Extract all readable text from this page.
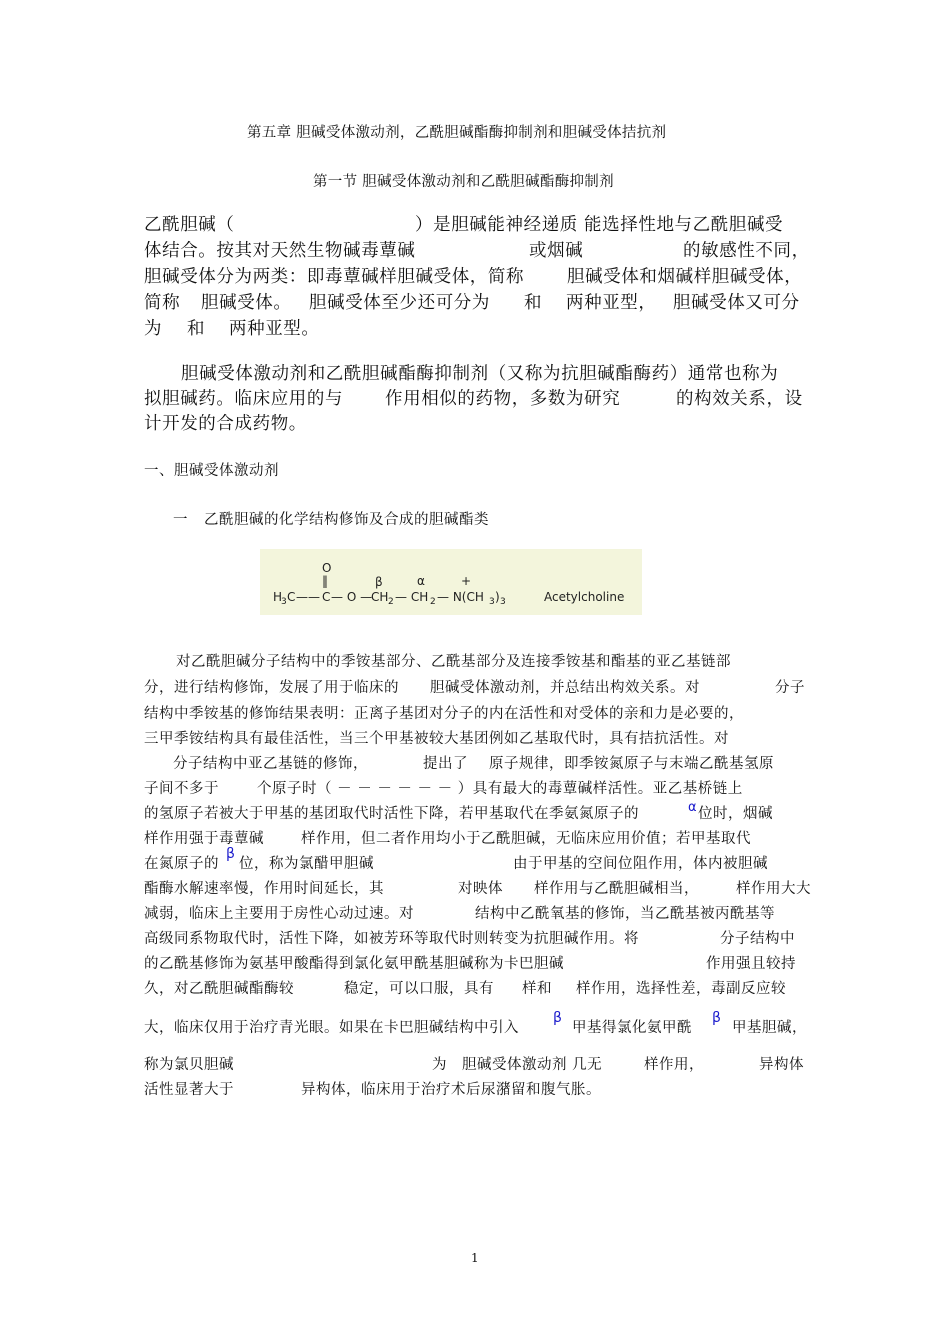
第五章 胆碱受体激动剂，乙酰胆碱酯酶抑制剂和胆碱受体拮抗剂
第一节 胆碱受体激动剂和乙酰胆碱酯酶抑制剂
乙酰胆碱（	）是胆碱能神经递质 能选择性地与乙酰胆碱受
体结合。按其对天然生物碱毒蕈碱	或烟碱	的敏感性不同，
胆碱受体分为两类：即毒蕈碱样胆碱受体，简称 胆碱受体和烟碱样胆碱受体，
简称 胆碱受体。 胆碱受体至少还可分为 和 两种亚型， 胆碱受体又可分
为 和 两种亚型。
胆碱受体激动剂和乙酰胆碱酯酶抑制剂（又称为抗胆碱酯酶药）通常也称为
拟胆碱药。临床应用的与 作用相似的药物，多数为研究	的构效关系，设
计开发的合成药物。
一、胆碱受体激动剂
一 乙酰胆碱的化学结构修饰及合成的胆碱酯类
O
‖	β	α	+
H
3 C —— C — O —
CH 2 — CH 2 — N(CH 3 ) 3	Acetylcholine
对乙酰胆碱分子结构中的季铵基部分、乙酰基部分及连接季铵基和酯基的亚乙基链部
分，进行结构修饰，发展了用于临床的 胆碱受体激动剂，并总结出构效关系。对	分子
结构中季铵基的修饰结果表明：正离子基团对分子的内在活性和对受体的亲和力是必要的，
三甲季铵结构具有最佳活性，当三个甲基被较大基团例如乙基取代时，具有拮抗活性。对
分子结构中亚乙基链的修饰，	提出了 原子规律，即季铵氮原子与末端乙酰基氢原
子间不多于	个原子时（ － － － － － － ）具有最大的毒蕈碱样活性。亚乙基桥链上
的氢原子若被大于甲基的基团取代时活性下降，若甲基取代在季氨氮原子的	α 位时，烟碱
样作用强于毒蕈碱	样作用，但二者作用均小于乙酰胆碱，无临床应用价值；若甲基取代
在氮原子的
β
位，称为氯醋甲胆碱	由于甲基的空间位阻作用，体内被胆碱
酯酶水解速率慢，作用时间延长，其	对映体 样作用与乙酰胆碱相当，	样作用大大
减弱，临床上主要用于房性心动过速。对	结构中乙酰氧基的修饰，当乙酰基被丙酰基等
高级同系物取代时，活性下降，如被芳环等取代时则转变为抗胆碱作用。将	分子结构中
的乙酰基修饰为氨基甲酸酯得到氯化氨甲酰基胆碱称为卡巴胆碱	作用强且较持
久，对乙酰胆碱酯酶较	稳定，可以口服，具有 样和 样作用，选择性差，毒副反应较
大，临床仅用于治疗青光眼。如果在卡巴胆碱结构中引入
β
甲基得氯化氨甲酰
β
甲基胆碱，
称为氯贝胆碱	为 胆碱受体激动剂 几无	样作用，	异构体
活性显著大于	异构体，临床用于治疗术后尿潴留和腹气胀。
1
